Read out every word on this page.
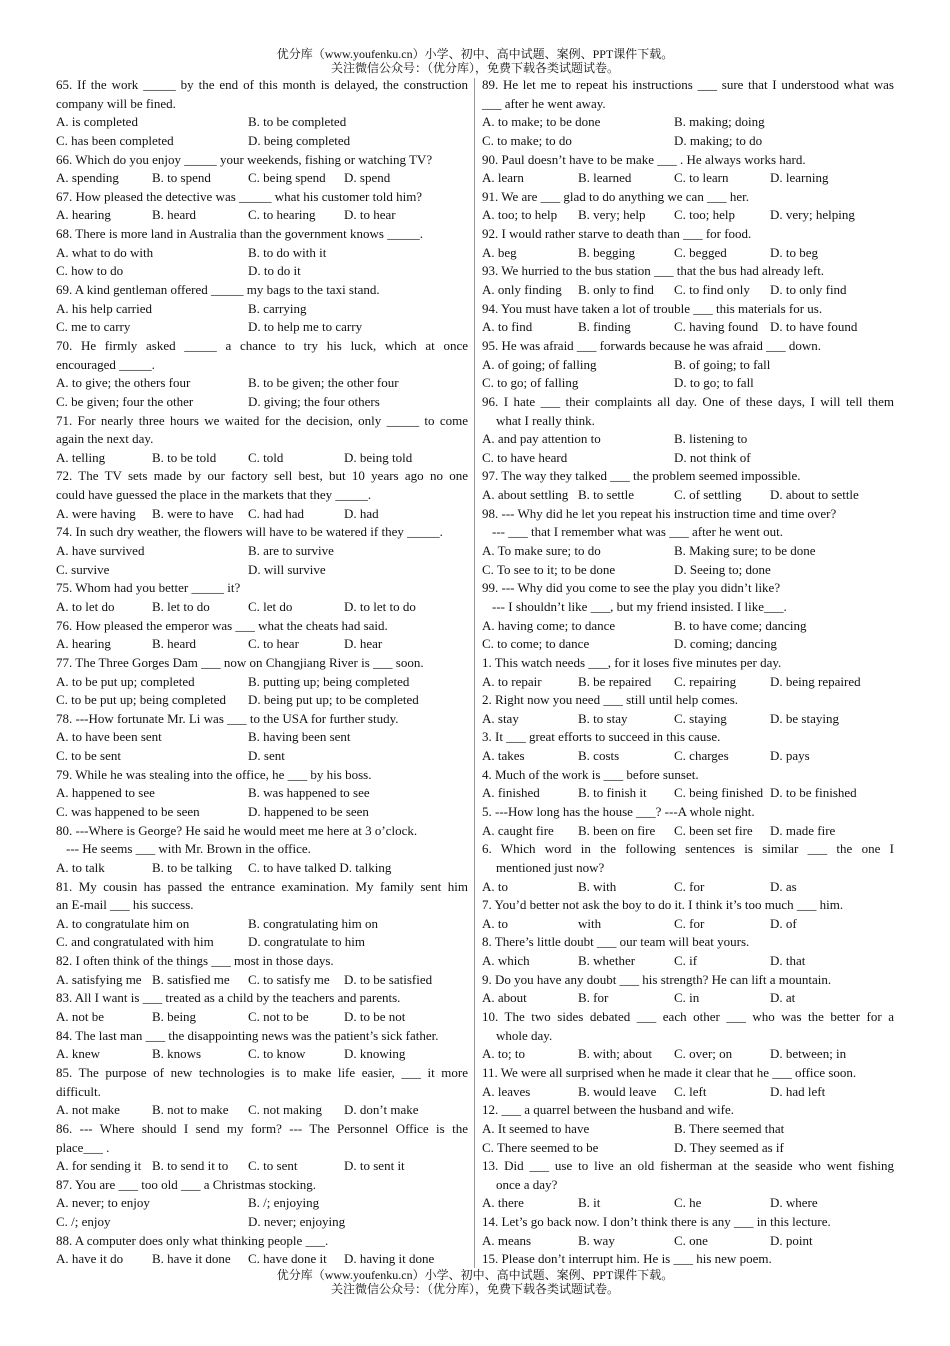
优分库（www.youfenku.cn）小学、初中、高中试题、案例、PPT课件下载。
关注微信公众号：（优分库），免费下载各类试题试卷。
65. If the work _____ by the end of this month is delayed, the construction
company will be fined.
A. is completed	B. to be completed
C. has been completed	D. being completed
66. Which do you enjoy _____ your weekends, fishing or watching TV?
A. spending	B. to spend	C. being spend D. spend
67. How pleased the detective was _____ what his customer told him?
A. hearing	B. heard	C. to hearing D. to hear
68. There is more land in Australia than the government knows _____.
A. what to do with	B. to do with it
C. how to do	D. to do it
69. A kind gentleman offered _____ my bags to the taxi stand.
A. his help carried	B. carrying
C. me to carry	D. to help me to carry
70. He firmly asked _____ a chance to try his luck, which at once
encouraged _____.
A. to give; the others four	B. to be given; the other four
C. be given; four the other	D. giving; the four others
71. For nearly three hours we waited for the decision, only _____ to come
again the next day.
A. telling	B. to be told C. told	D. being told
72. The TV sets made by our factory sell best, but 10 years ago no one
could have guessed the place in the markets that they _____.
A. were having B. were to have C. had had	D. had
74. In such dry weather, the flowers will have to be watered if they _____.
A. have survived	B. are to survive
C. survive	D. will survive
75. Whom had you better _____ it?
A. to let do	B. let to do	C. let do	D. to let to do
76. How pleased the emperor was ___ what the cheats had said.
A. hearing	B. heard	C. to hear	D. hear
77. The Three Gorges Dam ___ now on Changjiang River is ___ soon.
A. to be put up; completed	B. putting up; being completed
C. to be put up; being completed D. being put up; to be completed
78. ---How fortunate Mr. Li was ___ to the USA for further study.
A. to have been sent	B. having been sent
C. to be sent	D. sent
79. While he was stealing into the office, he ___ by his boss.
A. happened to see	B. was happened to see
C. was happened to be seen	D. happened to be seen
80. ---Where is George? He said he would meet me here at 3 o’clock.
--- He seems ___ with Mr. Brown in the office.
A. to talk	B. to be talking C. to have talked D. talking
81. My cousin has passed the entrance examination. My family sent him
an E-mail ___ his success.
A. to congratulate him on	B. congratulating him on
C. and congratulated with him	D. congratulate to him
82. I often think of the things ___ most in those days.
A. satisfying me B. satisfied me C. to satisfy me D. to be satisfied
83. All I want is ___ treated as a child by the teachers and parents.
A. not be	B. being	C. not to be	D. to be not
84. The last man ___ the disappointing news was the patient’s sick father.
A. knew	B. knows	C. to know	D. knowing
85. The purpose of new technologies is to make life easier, ___ it more
difficult.
A. not make B. not to make C. not making D. don’t make
86. --- Where should I send my form? --- The Personnel Office is the
place___ .
A. for sending it B. to send it to C. to sent	D. to sent it
87. You are ___ too old ___ a Christmas stocking.
A. never; to enjoy	B. /; enjoying
C. /; enjoy	D. never; enjoying
88. A computer does only what thinking people ___.
A. have it do B. have it done C. have done it D. having it done
89. He let me to repeat his instructions ___ sure that I understood what was
___ after he went away.
A. to make; to be done	B. making; doing
C. to make; to do	D. making; to do
90. Paul doesn’t have to be make ___ . He always works hard.
A. learn	B. learned	C. to learn	D. learning
91. We are ___ glad to do anything we can ___ her.
A. too; to help B. very; help C. too; help	D. very; helping
92. I would rather starve to death than ___ for food.
A. beg	B. begging	C. begged	D. to beg
93. We hurried to the bus station ___ that the bus had already left.
A. only finding B. only to find C. to find only D. to only find
94. You must have taken a lot of trouble ___ this materials for us.
A. to find	B. finding	C. having found D. to have found
95. He was afraid ___ forwards because he was afraid ___ down.
A. of going; of falling	B. of going; to fall
C. to go; of falling	D. to go; to fall
96. I hate ___ their complaints all day. One of these days, I will tell them
what I really think.
A. and pay attention to	B. listening to
C. to have heard	D. not think of
97. The way they talked ___ the problem seemed impossible.
A. about settling B. to settle	C. of settling D. about to settle
98. --- Why did he let you repeat his instruction time and time over?
--- ___ that I remember what was ___ after he went out.
A. To make sure; to do	B. Making sure; to be done
C. To see to it; to be done	D. Seeing to; done
99. --- Why did you come to see the play you didn’t like?
--- I shouldn’t like ___, but my friend insisted. I like___.
A. having come; to dance	B. to have come; dancing
C. to come; to dance	D. coming; dancing
1. This watch needs ___, for it loses five minutes per day.
A. to repair	B. be repaired C. repairing	D. being repaired
2. Right now you need ___ still until help comes.
A. stay	B. to stay	C. staying	D. be staying
3. It ___ great efforts to succeed in this cause.
A. takes	B. costs	C. charges	D. pays
4. Much of the work is ___ before sunset.
A. finished	B. to finish it C. being finished D. to be finished
5. ---How long has the house ___? ---A whole night.
A. caught fire B. been on fire C. been set fire D. made fire
6. Which word in the following sentences is similar ___ the one I
mentioned just now?
A. to	B. with	C. for	D. as
7. You’d better not ask the boy to do it. I think it’s too much ___ him.
A. to	with	C. for	D. of
8. There’s little doubt ___ our team will beat yours.
A. which	B. whether	C. if	D. that
9. Do you have any doubt ___ his strength? He can lift a mountain.
A. about	B. for	C. in	D. at
10. The two sides debated ___ each other ___ who was the better for a
whole day.
A. to; to	B. with; about C. over; on	D. between; in
11. We were all surprised when he made it clear that he ___ office soon.
A. leaves	B. would leave C. left	D. had left
12. ___ a quarrel between the husband and wife.
A. It seemed to have	B. There seemed that
C. There seemed to be	D. They seemed as if
13. Did ___ use to live an old fisherman at the seaside who went fishing
once a day?
A. there	B. it	C. he	D. where
14. Let’s go back now. I don’t think there is any ___ in this lecture.
A. means	B. way	C. one	D. point
15. Please don’t interrupt him. He is ___ his new poem.
优分库（www.youfenku.cn）小学、初中、高中试题、案例、PPT课件下载。
关注微信公众号：（优分库），免费下载各类试题试卷。
